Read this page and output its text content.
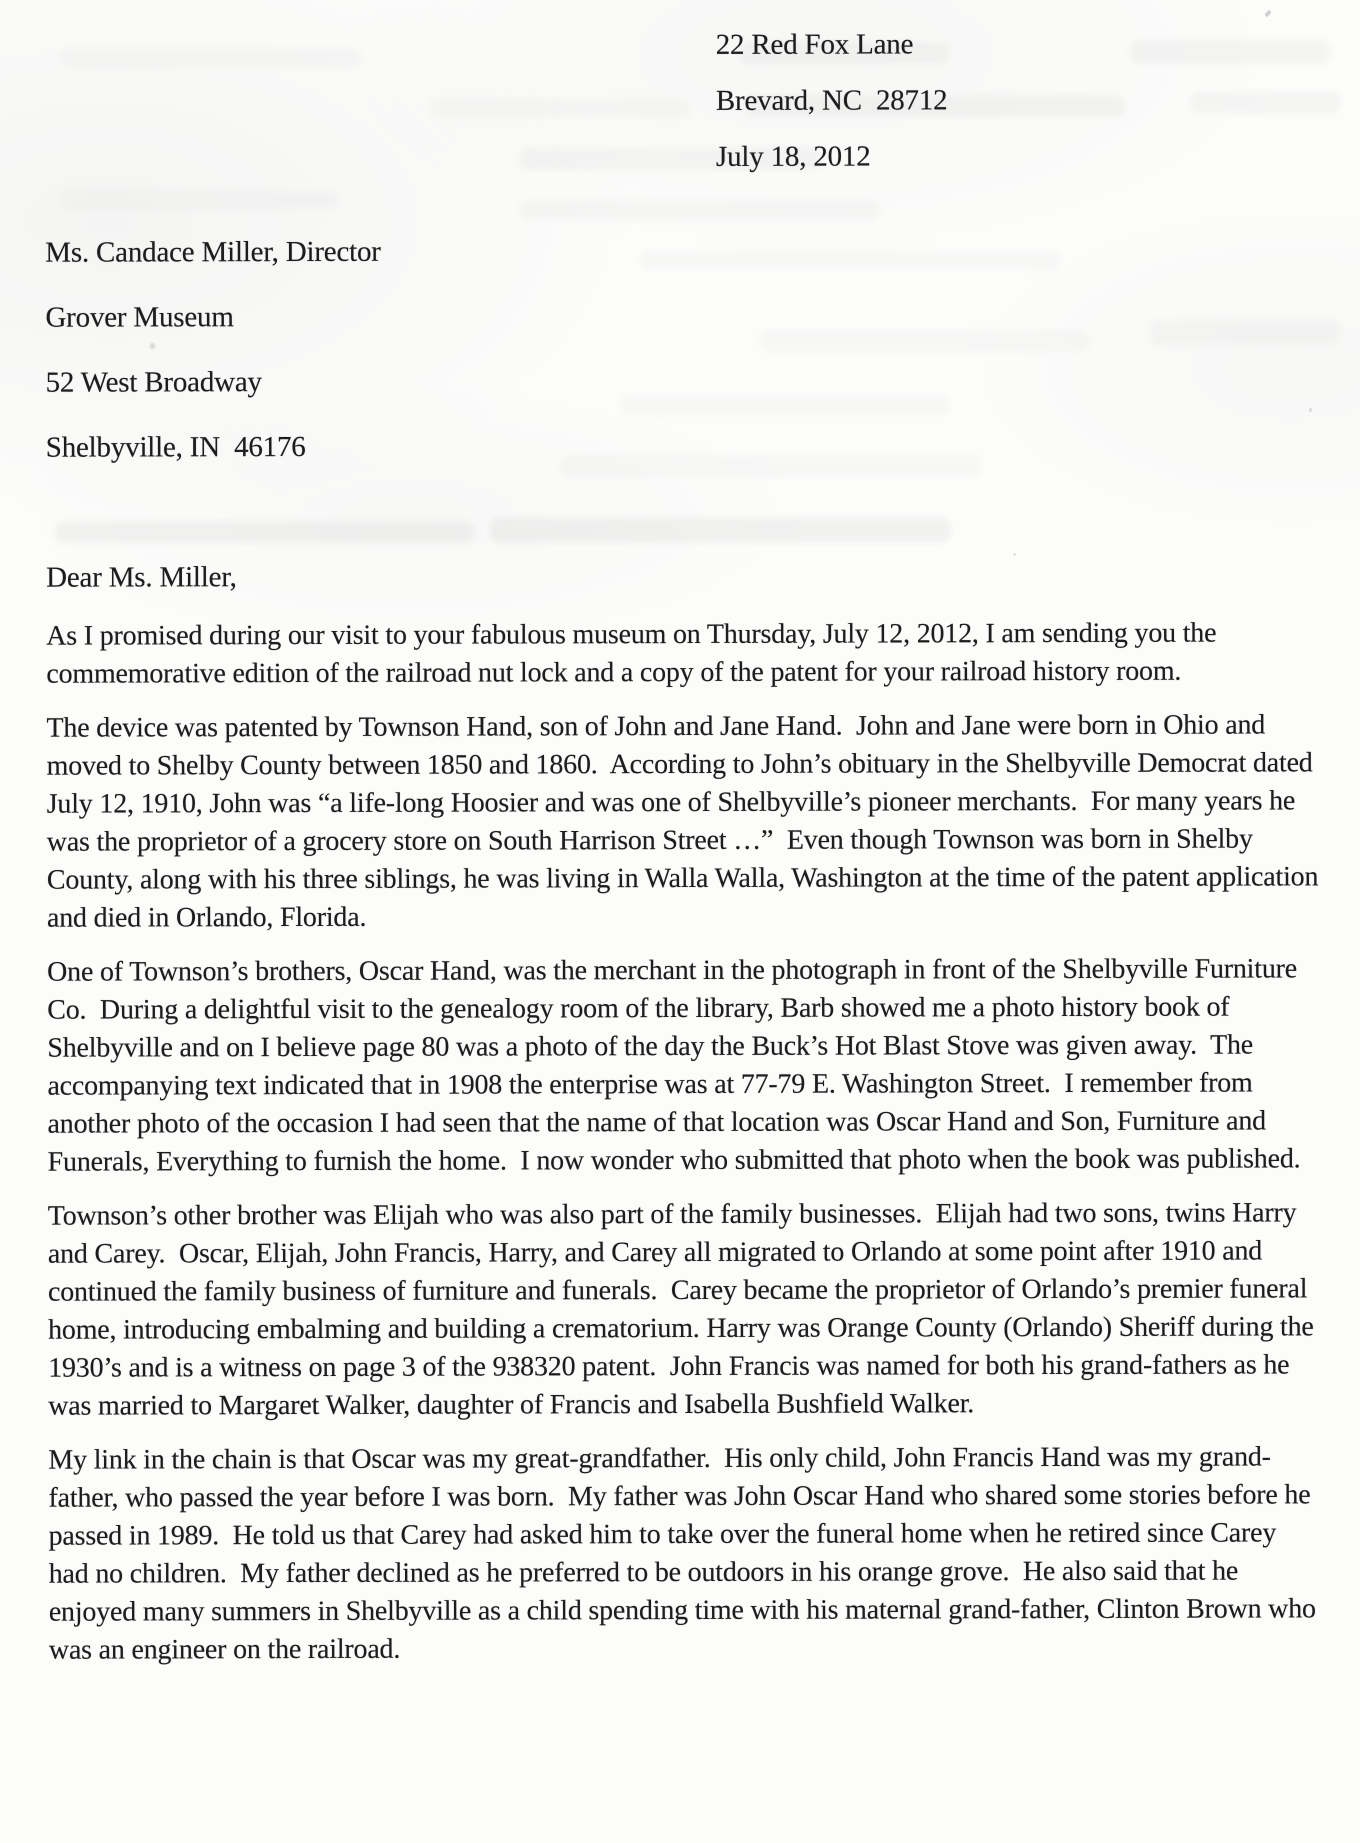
22 Red Fox Lane
Brevard, NC  28712
July 18, 2012
Ms. Candace Miller, Director
Grover Museum
52 West Broadway
Shelbyville, IN  46176
Dear Ms. Miller,

As I promised during our visit to your fabulous museum on Thursday, July 12, 2012, I am sending you the commemorative edition of the railroad nut lock and a copy of the patent for your railroad history room.

The device was patented by Townson Hand, son of John and Jane Hand.  John and Jane were born in Ohio and moved to Shelby County between 1850 and 1860.  According to John’s obituary in the Shelbyville Democrat dated July 12, 1910, John was “a life-long Hoosier and was one of Shelbyville’s pioneer merchants.  For many years he was the proprietor of a grocery store on South Harrison Street …”  Even though Townson was born in Shelby County, along with his three siblings, he was living in Walla Walla, Washington at the time of the patent application and died in Orlando, Florida.

One of Townson’s brothers, Oscar Hand, was the merchant in the photograph in front of the Shelbyville Furniture Co.  During a delightful visit to the genealogy room of the library, Barb showed me a photo history book of Shelbyville and on I believe page 80 was a photo of the day the Buck’s Hot Blast Stove was given away.  The accompanying text indicated that in 1908 the enterprise was at 77-79 E. Washington Street.  I remember from another photo of the occasion I had seen that the name of that location was Oscar Hand and Son, Furniture and Funerals, Everything to furnish the home.  I now wonder who submitted that photo when the book was published.

Townson’s other brother was Elijah who was also part of the family businesses.  Elijah had two sons, twins Harry and Carey.  Oscar, Elijah, John Francis, Harry, and Carey all migrated to Orlando at some point after 1910 and continued the family business of furniture and funerals.  Carey became the proprietor of Orlando’s premier funeral home, introducing embalming and building a crematorium. Harry was Orange County (Orlando) Sheriff during the 1930’s and is a witness on page 3 of the 938320 patent.  John Francis was named for both his grand-fathers as he was married to Margaret Walker, daughter of Francis and Isabella Bushfield Walker.

My link in the chain is that Oscar was my great-grandfather.  His only child, John Francis Hand was my grand-father, who passed the year before I was born.  My father was John Oscar Hand who shared some stories before he passed in 1989.  He told us that Carey had asked him to take over the funeral home when he retired since Carey had no children.  My father declined as he preferred to be outdoors in his orange grove.  He also said that he enjoyed many summers in Shelbyville as a child spending time with his maternal grand-father, Clinton Brown who was an engineer on the railroad.
